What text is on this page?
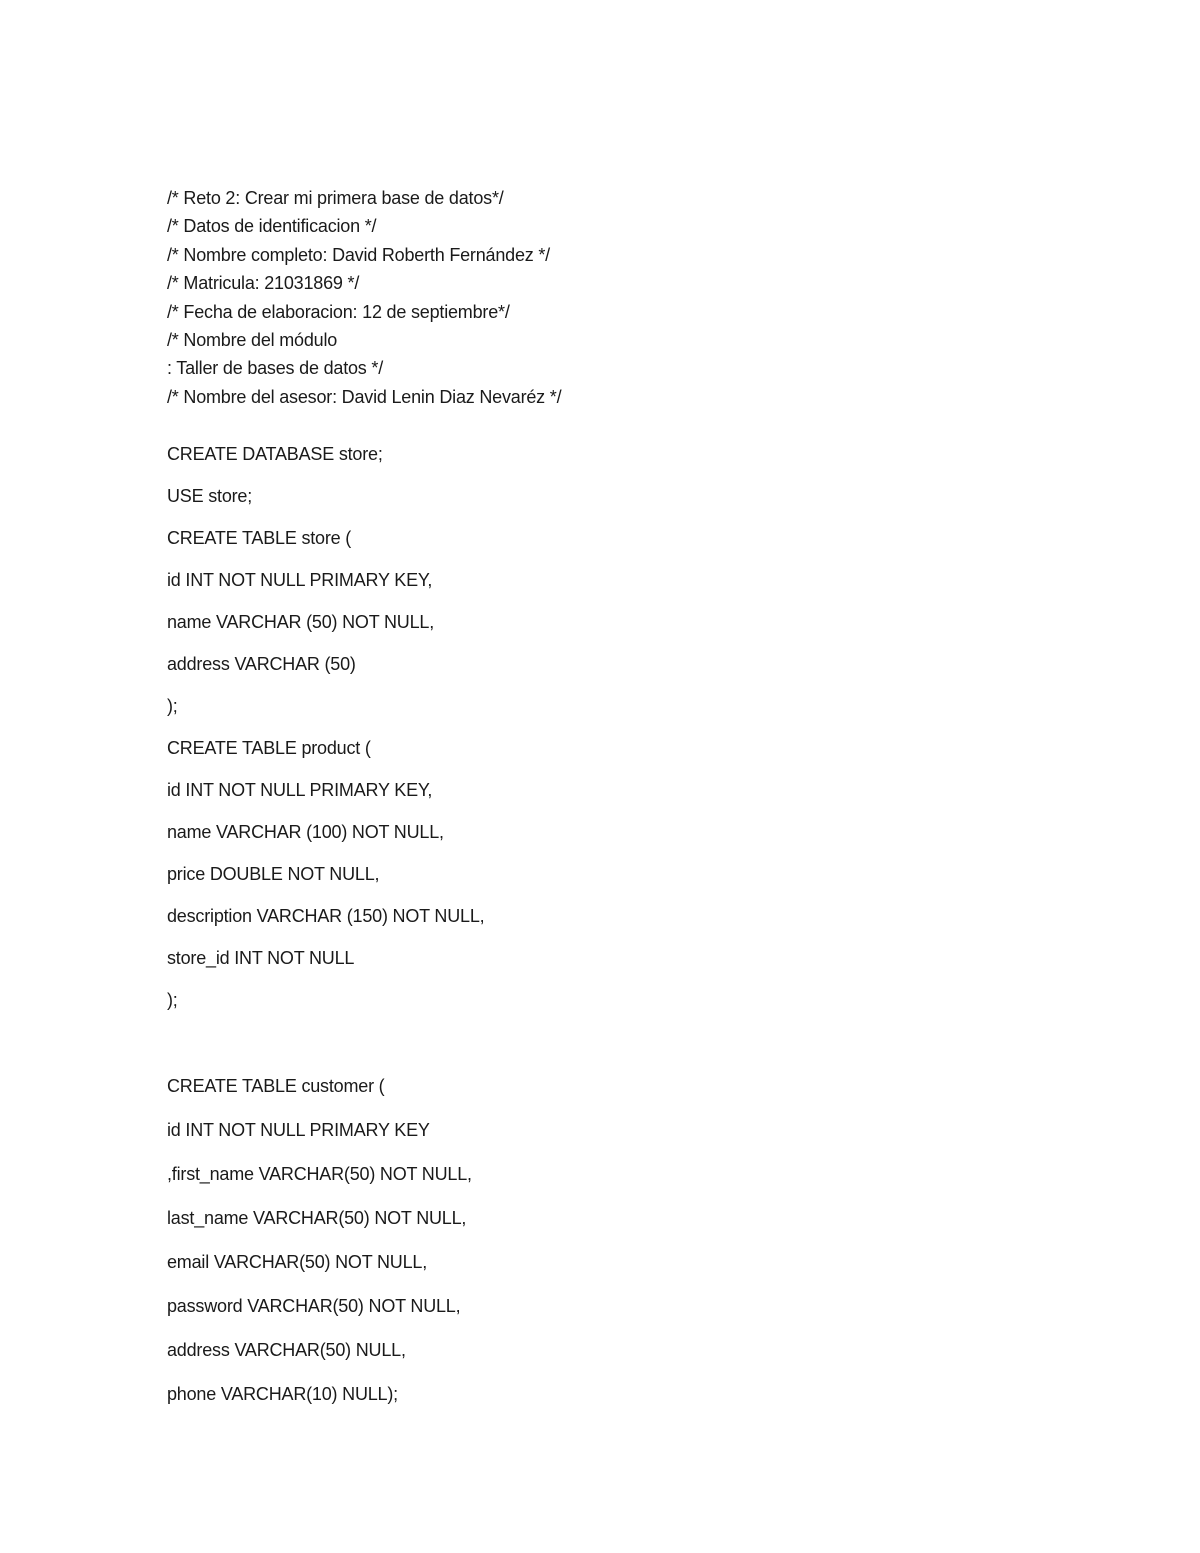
/* Reto 2: Crear mi primera base de datos*/
/* Datos de identificacion */
/* Nombre completo: David Roberth Fernández */
/* Matricula: 21031869 */
/* Fecha de elaboracion: 12 de septiembre*/
/* Nombre del módulo
: Taller de bases de datos */
/* Nombre del asesor: David Lenin Diaz Nevaréz */
CREATE DATABASE store;
USE store;
CREATE TABLE store (
id INT NOT NULL PRIMARY KEY,
name VARCHAR (50) NOT NULL,
address VARCHAR (50)
);
CREATE TABLE product (
id INT NOT NULL PRIMARY KEY,
name VARCHAR (100) NOT NULL,
price DOUBLE NOT NULL,
description VARCHAR (150) NOT NULL,
store_id INT NOT NULL
);
CREATE TABLE customer (
id INT NOT NULL PRIMARY KEY
,first_name VARCHAR(50) NOT NULL,
last_name VARCHAR(50) NOT NULL,
email VARCHAR(50) NOT NULL,
password VARCHAR(50) NOT NULL,
address VARCHAR(50) NULL,
phone VARCHAR(10) NULL);
